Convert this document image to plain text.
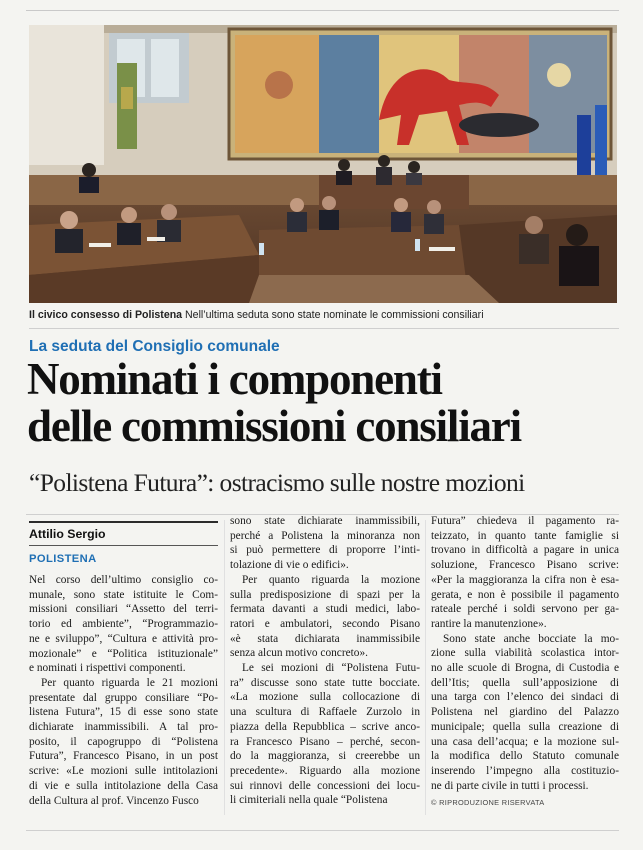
Il civico consesso di Polistena Nell’ultima seduta sono state nominate le commissioni consiliari
La seduta del Consiglio comunale
Nominati i componenti
delle commissioni consiliari
“Polistena Futura”: ostracismo sulle nostre mozioni
Attilio Sergio
POLISTENA
Nel corso dell’ultimo consiglio co-
munale, sono state istituite le Com-
missioni consiliari “Assetto del terri-
torio ed ambiente”, “Programmazio-
ne e sviluppo”, “Cultura e attività pro-
mozionale” e “Politica istituzionale”
e nominati i rispettivi componenti.
Per quanto riguarda le 21 mozioni
presentate dal gruppo consiliare “Po-
listena Futura”, 15 di esse sono state
dichiarate inammissibili. A tal pro-
posito, il capogruppo di “Polistena
Futura”, Francesco Pisano, in un post
scrive: «Le mozioni sulle intitolazioni
di vie e sulla intitolazione della Casa
della Cultura al prof. Vincenzo Fusco
sono state dichiarate inammissibili,
perché a Polistena la minoranza non
si può permettere di proporre l’inti-
tolazione di vie o edifici».
Per quanto riguarda la mozione
sulla predisposizione di spazi per la
fermata davanti a studi medici, labo-
ratori e ambulatori, secondo Pisano
«è stata dichiarata inammissibile
senza alcun motivo concreto».
Le sei mozioni di “Polistena Futu-
ra” discusse sono state tutte bocciate.
«La mozione sulla collocazione di
una scultura di Raffaele Zurzolo in
piazza della Repubblica – scrive anco-
ra Francesco Pisano – perché, secon-
do la maggioranza, si creerebbe un
precedente». Riguardo alla mozione
sui rinnovi delle concessioni dei locu-
li cimiteriali nella quale “Polistena
Futura” chiedeva il pagamento ra-
teizzato, in quanto tante famiglie si
trovano in difficoltà a pagare in unica
soluzione, Francesco Pisano scrive:
«Per la maggioranza la cifra non è esa-
gerata, e non è possibile il pagamento
rateale perché i soldi servono per ga-
rantire la manutenzione».
Sono state anche bocciate la mo-
zione sulla viabilità scolastica intor-
no alle scuole di Brogna, di Custodia e
dell’Itis; quella sull’apposizione di
una targa con l’elenco dei sindaci di
Polistena nel giardino del Palazzo
municipale; quella sulla creazione di
una casa dell’acqua; e la mozione sul-
la modifica dello Statuto comunale
inserendo l’impegno alla costituzio-
ne di parte civile in tutti i processi.
© RIPRODUZIONE RISERVATA
